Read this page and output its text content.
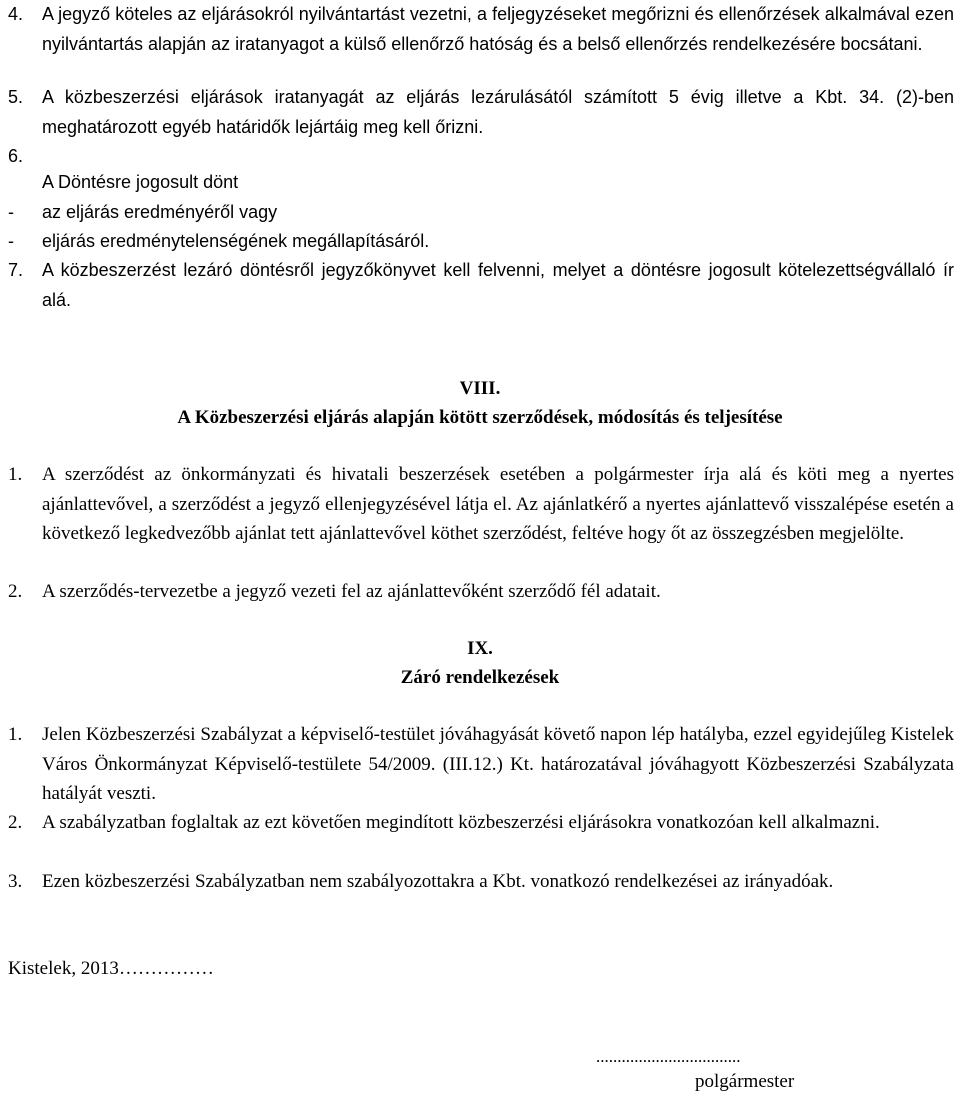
4.	A jegyző köteles az eljárásokról nyilvántartást vezetni, a feljegyzéseket megőrizni és ellenőrzések alkalmával ezen nyilvántartás alapján az iratanyagot a külső ellenőrző hatóság és a belső ellenőrzés rendelkezésére bocsátani.
5.	A közbeszerzési eljárások iratanyagát az eljárás lezárulásától számított 5 évig illetve a Kbt. 34. (2)-ben meghatározott egyéb határidők lejártáig meg kell őrizni.
6.
A Döntésre jogosult dönt
-	az eljárás eredményéről vagy
-	eljárás eredménytelenségének megállapításáról.
7.	A közbeszerzést lezáró döntésről jegyzőkönyvet kell felvenni, melyet a döntésre jogosult kötelezettségvállaló ír alá.
VIII.
A Közbeszerzési eljárás alapján kötött szerződések, módosítás és teljesítése
1.	A szerződést az önkormányzati és hivatali beszerzések esetében a polgármester írja alá és köti meg a nyertes ajánlattevővel, a szerződést a jegyző ellenjegyzésével látja el. Az ajánlatkérő a nyertes ajánlattevő visszalépése esetén a következő legkedvezőbb ajánlat tett ajánlattevővel köthet szerződést, feltéve hogy őt az összegzésben megjelölte.
2.	A szerződés-tervezetbe a jegyző vezeti fel az ajánlattevőként szerződő fél adatait.
IX.
Záró rendelkezések
1.	Jelen Közbeszerzési Szabályzat a képviselő-testület jóváhagyását követő napon lép hatályba, ezzel egyidejűleg Kistelek Város Önkormányzat Képviselő-testülete 54/2009. (III.12.) Kt. határozatával jóváhagyott Közbeszerzési Szabályzata hatályát veszti.
2.	A szabályzatban foglaltak az ezt követően megindított közbeszerzési eljárásokra vonatkozóan kell alkalmazni.
3.	Ezen közbeszerzési Szabályzatban nem szabályozottakra a Kbt. vonatkozó rendelkezései az irányadóak.
Kistelek, 2013……………
..................................
polgármester
